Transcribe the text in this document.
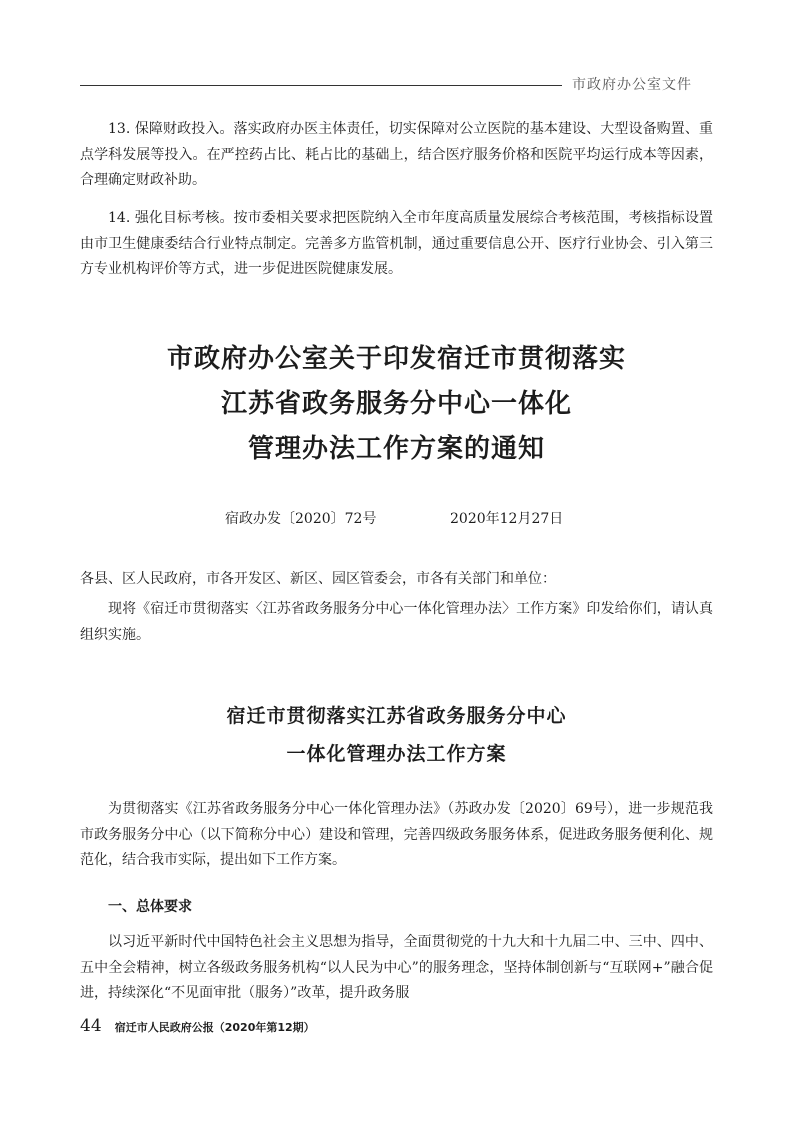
市政府办公室文件

13. 保障财政投入。落实政府办医主体责任，切实保障对公立医院的基本建设、大型设备购置、重点学科发展等投入。在严控药占比、耗占比的基础上，结合医疗服务价格和医院平均运行成本等因素，合理确定财政补助。

14. 强化目标考核。按市委相关要求把医院纳入全市年度高质量发展综合考核范围，考核指标设置由市卫生健康委结合行业特点制定。完善多方监管机制，通过重要信息公开、医疗行业协会、引入第三方专业机构评价等方式，进一步促进医院健康发展。

市政府办公室关于印发宿迁市贯彻落实
江苏省政务服务分中心一体化
管理办法工作方案的通知
宿政办发〔2020〕72号	2020年12月27日

各县、区人民政府，市各开发区、新区、园区管委会，市各有关部门和单位：

现将《宿迁市贯彻落实〈江苏省政务服务分中心一体化管理办法〉工作方案》印发给你们，请认真组织实施。

宿迁市贯彻落实江苏省政务服务分中心
一体化管理办法工作方案

为贯彻落实《江苏省政务服务分中心一体化管理办法》（苏政办发〔2020〕69号），进一步规范我市政务服务分中心（以下简称分中心）建设和管理，完善四级政务服务体系，促进政务服务便利化、规范化，结合我市实际，提出如下工作方案。

一、总体要求

以习近平新时代中国特色社会主义思想为指导，全面贯彻党的十九大和十九届二中、三中、四中、五中全会精神，树立各级政务服务机构“以人民为中心”的服务理念，坚持体制创新与“互联网+”融合促进，持续深化“不见面审批（服务）”改革，提升政务服

44 宿迁市人民政府公报（2020年第12期）
